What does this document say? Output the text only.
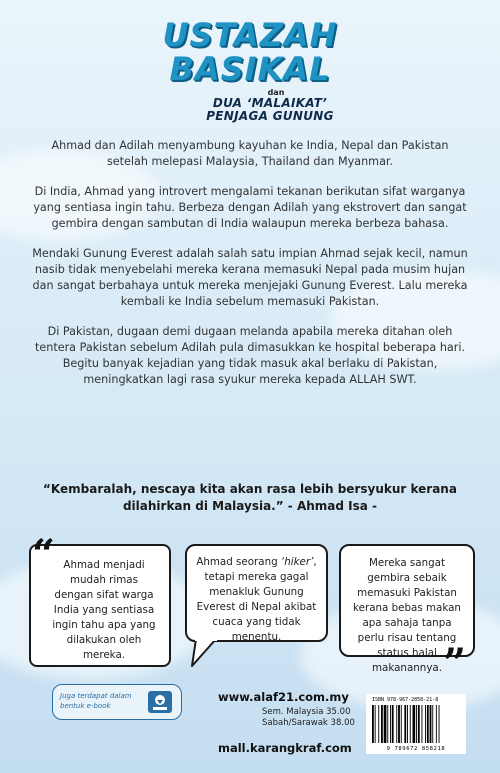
USTAZAH
BASIKAL
dan
DUA ‘MALAIKAT’
PENJAGA GUNUNG

Ahmad dan Adilah menyambung kayuhan ke India, Nepal dan Pakistan setelah melepasi Malaysia, Thailand dan Myanmar.

Di India, Ahmad yang introvert mengalami tekanan berikutan sifat warganya yang sentiasa ingin tahu. Berbeza dengan Adilah yang ekstrovert dan sangat gembira dengan sambutan di India walaupun mereka berbeza bahasa.

Mendaki Gunung Everest adalah salah satu impian Ahmad sejak kecil, namun nasib tidak menyebelahi mereka kerana memasuki Nepal pada musim hujan dan sangat berbahaya untuk mereka menjejaki Gunung Everest. Lalu mereka kembali ke India sebelum memasuki Pakistan.

Di Pakistan, dugaan demi dugaan melanda apabila mereka ditahan oleh tentera Pakistan sebelum Adilah pula dimasukkan ke hospital beberapa hari. Begitu banyak kejadian yang tidak masuk akal berlaku di Pakistan, meningkatkan lagi rasa syukur mereka kepada ALLAH SWT.

“Kembaralah, nescaya kita akan rasa lebih bersyukur kerana dilahirkan di Malaysia.” - Ahmad Isa -
Ahmad menjadi mudah rimas dengan sifat warga India yang sentiasa ingin tahu apa yang dilakukan oleh mereka.
“	Ahmad seorang ‘hiker’, tetapi mereka gagal menakluk Gunung Everest di Nepal akibat cuaca yang tidak menentu.
Mereka sangat gembira sebaik memasuki Pakistan kerana bebas makan apa sahaja tanpa perlu risau tentang status halal makanannya. ”
Juga terdapat dalam bentuk e-book
www.alaf21.com.my
Sem. Malaysia 35.00
Sabah/Sarawak 38.00
mall.karangkraf.com
ISBN 978-967-2858-21-8
9 789672 858218
